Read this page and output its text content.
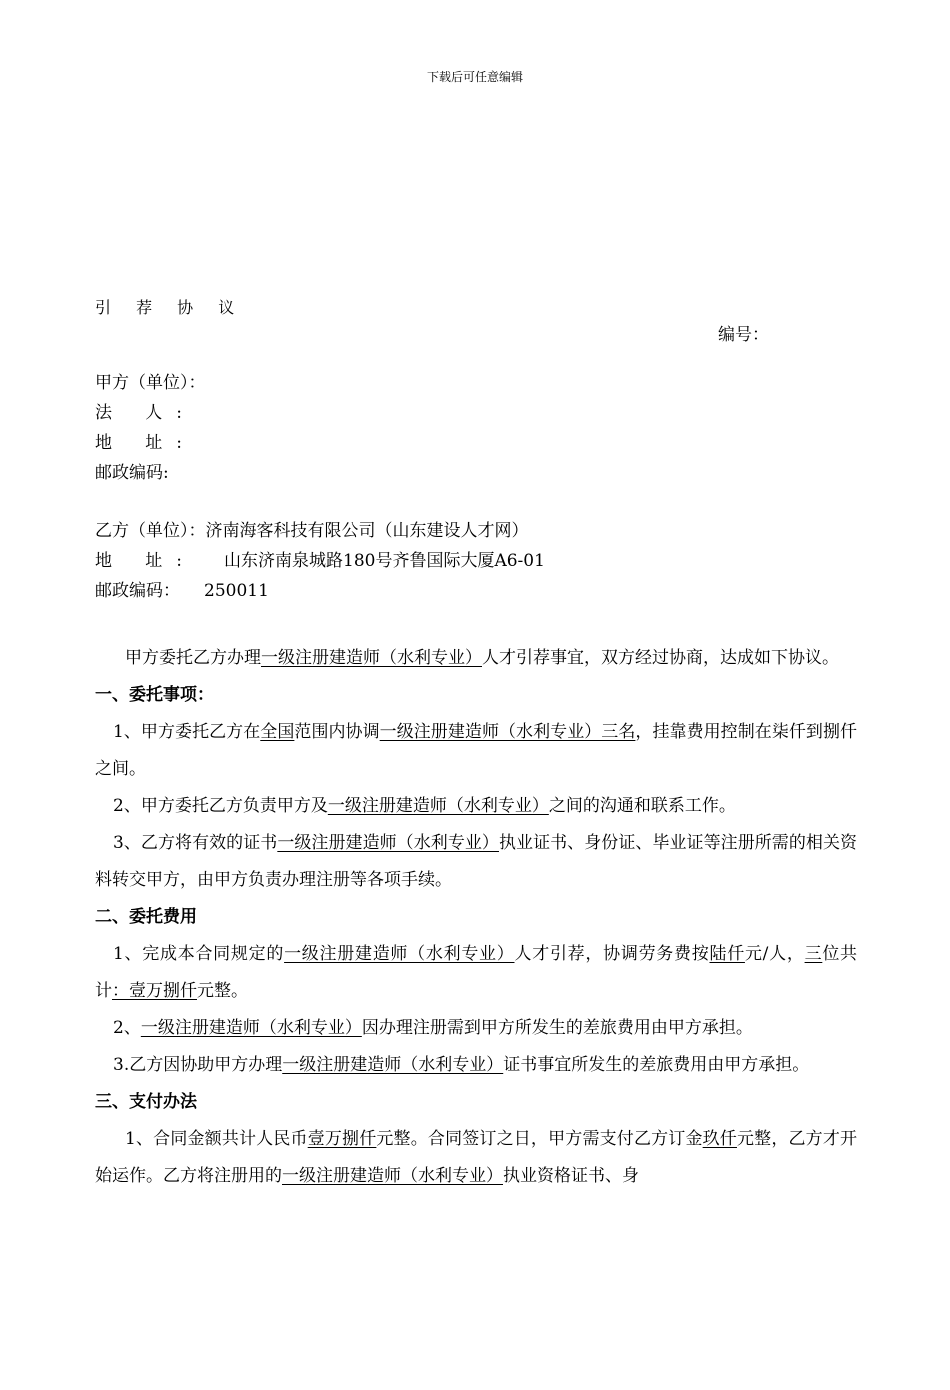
下载后可任意编辑
引 荐 协 议
编号：
甲方（单位）：
法 人:
地 址:
邮政编码:
乙方（单位）：济南海客科技有限公司（山东建设人才网）
地 址: 山东济南泉城路180号齐鲁国际大厦A6-01
邮政编码： 250011

甲方委托乙方办理一级注册建造师（水利专业）人才引荐事宜，双方经过协商，达成如下协议。

一、委托事项：

1、甲方委托乙方在全国范围内协调一级注册建造师（水利专业）三名，挂靠费用控制在柒仟到捌仟之间。

2、甲方委托乙方负责甲方及一级注册建造师（水利专业）之间的沟通和联系工作。

3、乙方将有效的证书一级注册建造师（水利专业）执业证书、身份证、毕业证等注册所需的相关资料转交甲方，由甲方负责办理注册等各项手续。

二、委托费用

1、完成本合同规定的一级注册建造师（水利专业）人才引荐，协调劳务费按陆仟元/人，三位共计：壹万捌仟元整。

2、一级注册建造师（水利专业）因办理注册需到甲方所发生的差旅费用由甲方承担。

3.乙方因协助甲方办理一级注册建造师（水利专业）证书事宜所发生的差旅费用由甲方承担。

三、支付办法

1、合同金额共计人民币壹万捌仟元整。合同签订之日，甲方需支付乙方订金玖仟元整，乙方才开始运作。乙方将注册用的一级注册建造师（水利专业）执业资格证书、身
